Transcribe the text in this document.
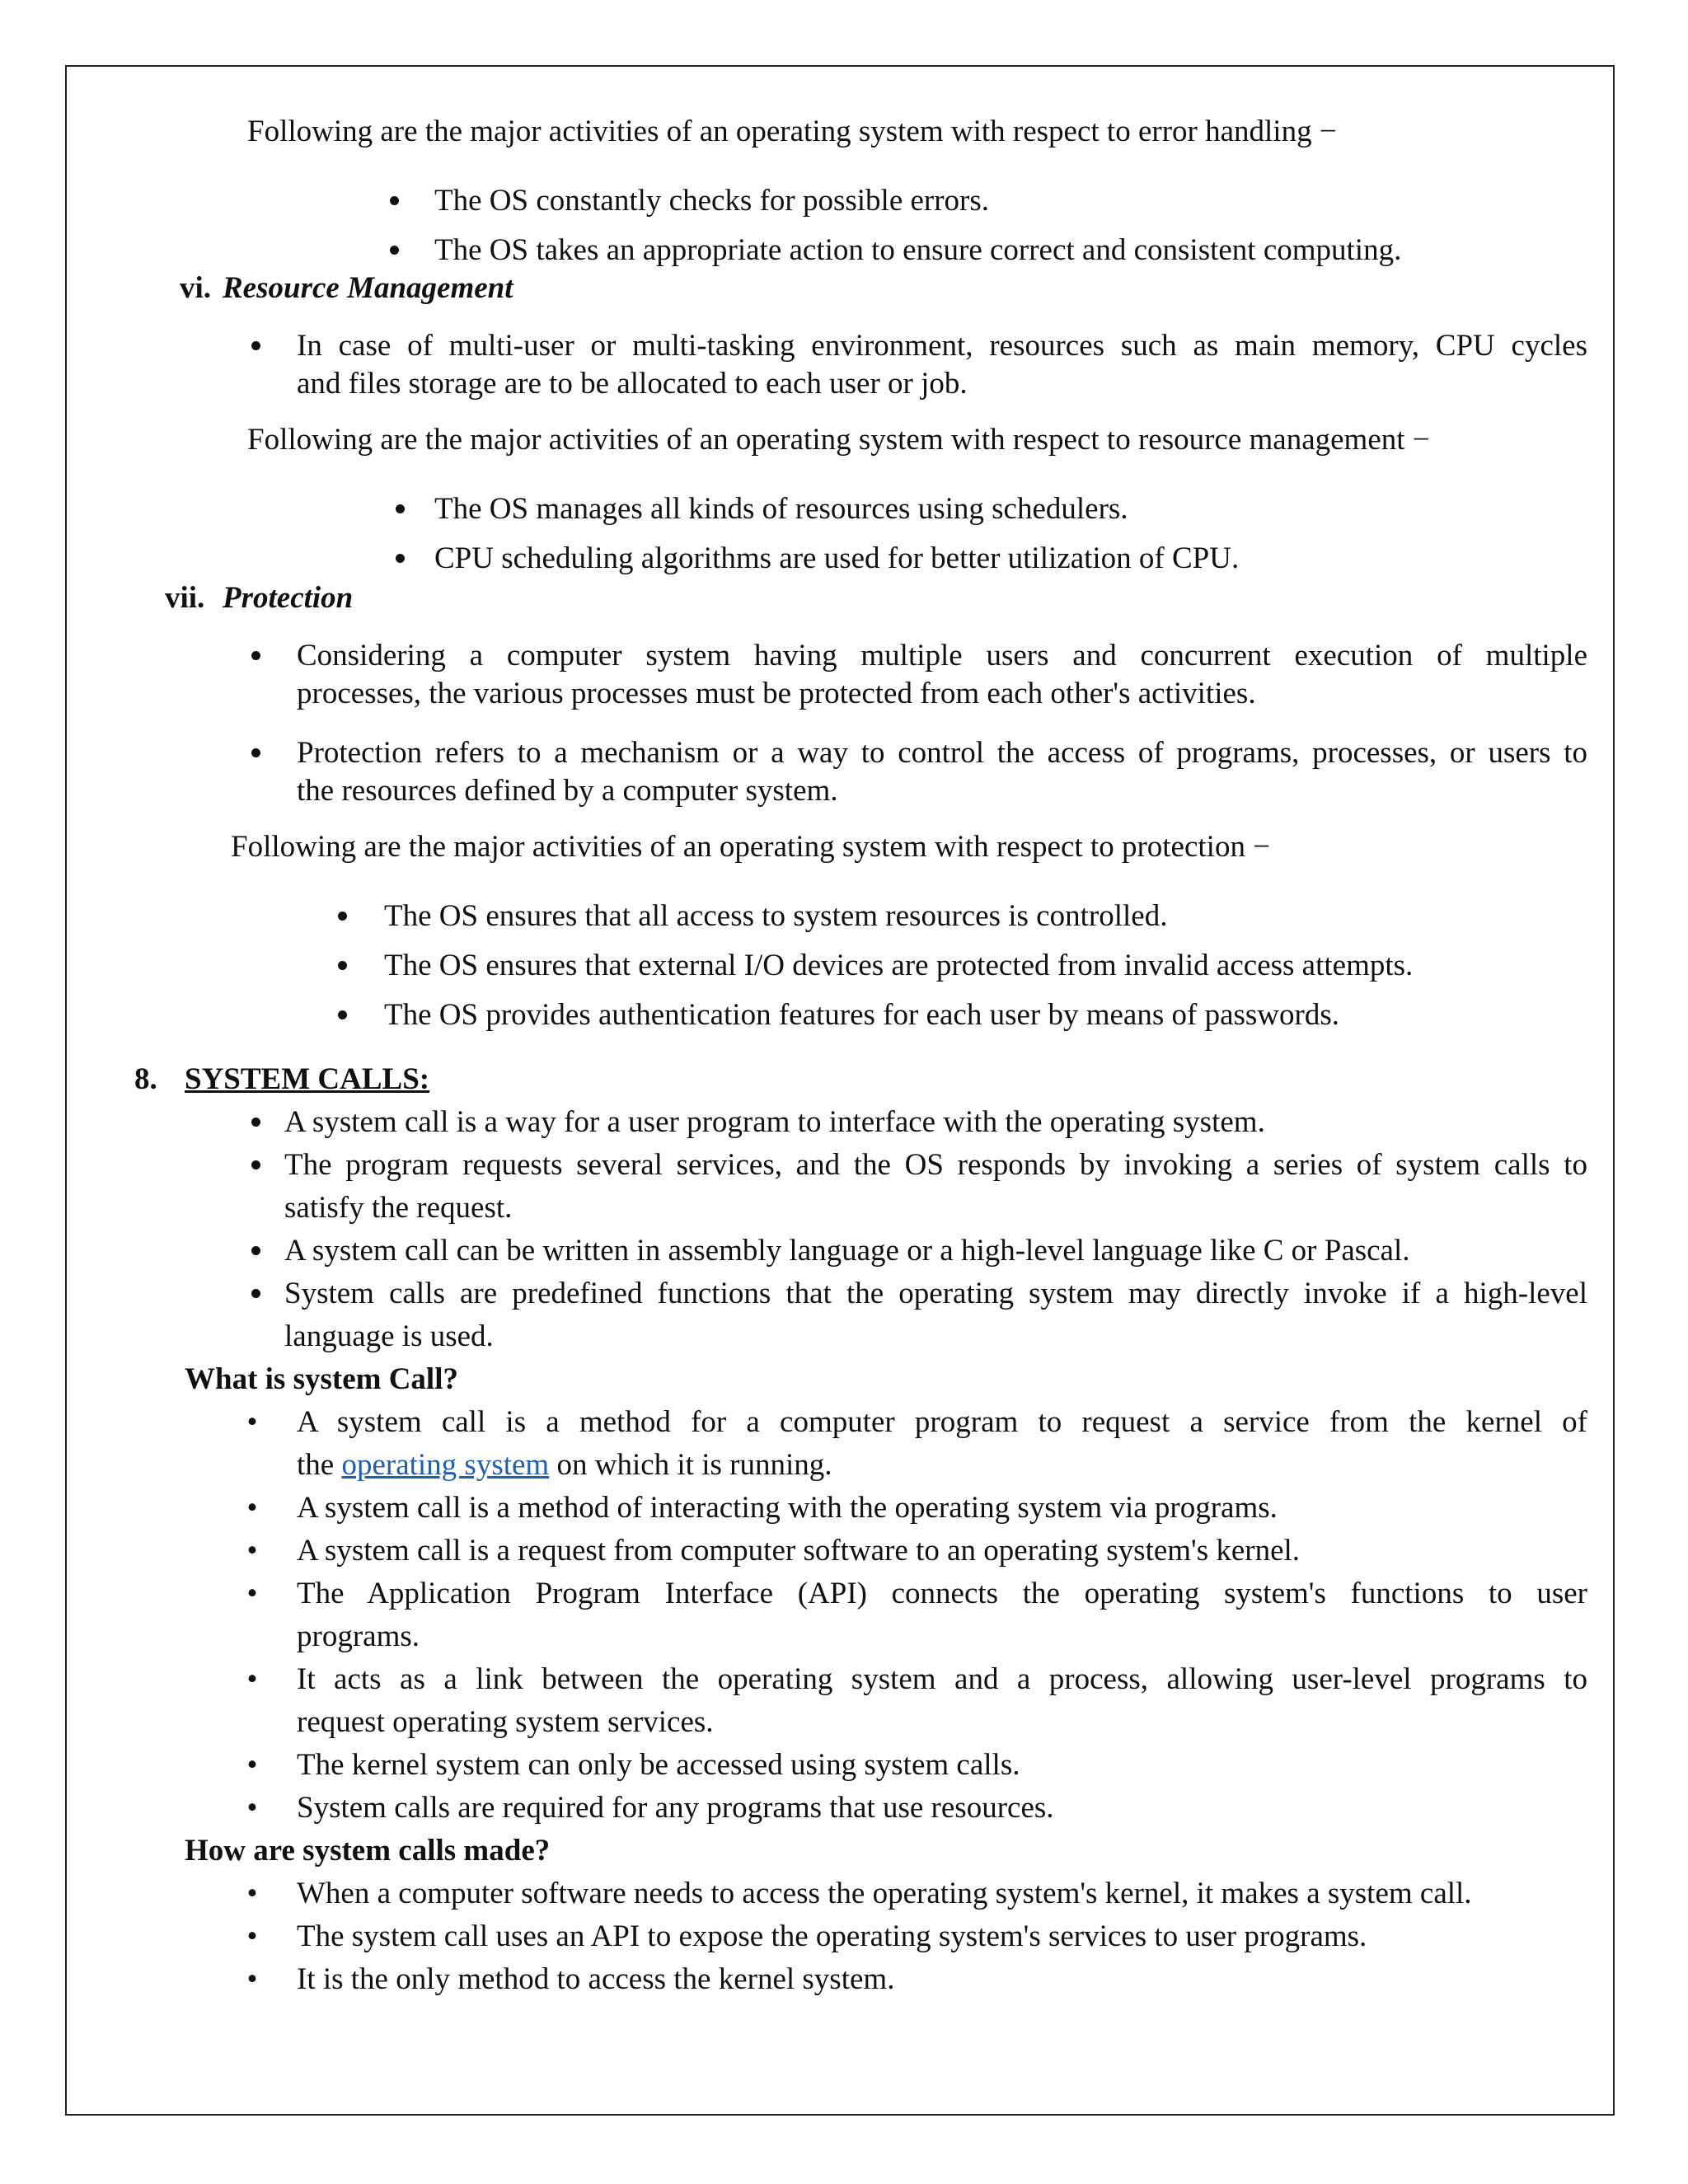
Following are the major activities of an operating system with respect to error handling −
The OS constantly checks for possible errors.
The OS takes an appropriate action to ensure correct and consistent computing.
vi. Resource Management
In case of multi-user or multi-tasking environment, resources such as main memory, CPU cycles
and files storage are to be allocated to each user or job.
Following are the major activities of an operating system with respect to resource management −
The OS manages all kinds of resources using schedulers.
CPU scheduling algorithms are used for better utilization of CPU.
vii. Protection
Considering a computer system having multiple users and concurrent execution of multiple
processes, the various processes must be protected from each other's activities.
Protection refers to a mechanism or a way to control the access of programs, processes, or users to
the resources defined by a computer system.
Following are the major activities of an operating system with respect to protection −
The OS ensures that all access to system resources is controlled.
The OS ensures that external I/O devices are protected from invalid access attempts.
The OS provides authentication features for each user by means of passwords.
8. SYSTEM CALLS:
A system call is a way for a user program to interface with the operating system.
The program requests several services, and the OS responds by invoking a series of system calls to
satisfy the request.
A system call can be written in assembly language or a high-level language like C or Pascal.
System calls are predefined functions that the operating system may directly invoke if a high-level
language is used.
What is system Call?
• A system call is a method for a computer program to request a service from the kernel of
the operating system on which it is running.
• A system call is a method of interacting with the operating system via programs.
• A system call is a request from computer software to an operating system's kernel.
• The Application Program Interface (API) connects the operating system's functions to user
programs.
• It acts as a link between the operating system and a process, allowing user-level programs to
request operating system services.
• The kernel system can only be accessed using system calls.
• System calls are required for any programs that use resources.
How are system calls made?
• When a computer software needs to access the operating system's kernel, it makes a system call.
• The system call uses an API to expose the operating system's services to user programs.
• It is the only method to access the kernel system.
